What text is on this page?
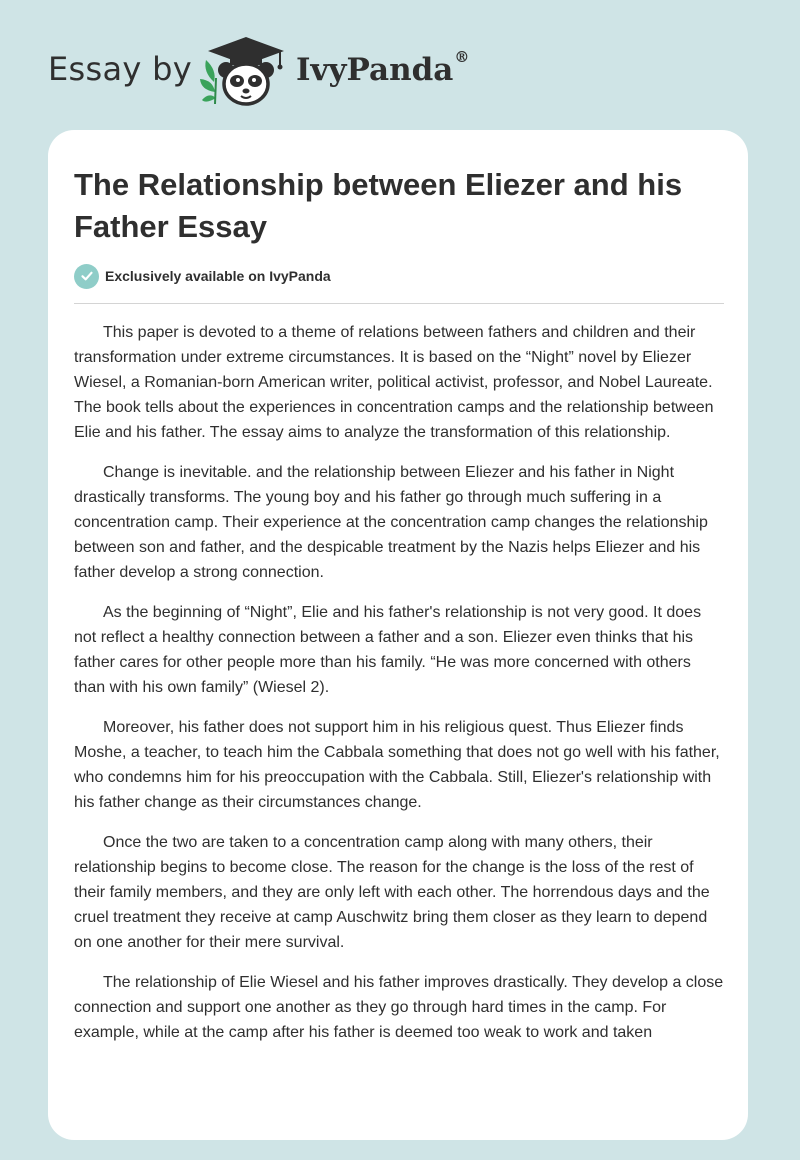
Essay by	IvyPanda®
The Relationship between Eliezer and his Father Essay
Exclusively available on IvyPanda

This paper is devoted to a theme of relations between fathers and children and their transformation under extreme circumstances. It is based on the “Night” novel by Eliezer Wiesel, a Romanian-born American writer, political activist, professor, and Nobel Laureate. The book tells about the experiences in concentration camps and the relationship between Elie and his father. The essay aims to analyze the transformation of this relationship.

Change is inevitable. and the relationship between Eliezer and his father in Night drastically transforms. The young boy and his father go through much suffering in a concentration camp. Their experience at the concentration camp changes the relationship between son and father, and the despicable treatment by the Nazis helps Eliezer and his father develop a strong connection.

As the beginning of “Night”, Elie and his father's relationship is not very good. It does not reflect a healthy connection between a father and a son. Eliezer even thinks that his father cares for other people more than his family. “He was more concerned with others than with his own family” (Wiesel 2).

Moreover, his father does not support him in his religious quest. Thus Eliezer finds Moshe, a teacher, to teach him the Cabbala something that does not go well with his father, who condemns him for his preoccupation with the Cabbala. Still, Eliezer's relationship with his father change as their circumstances change.

Once the two are taken to a concentration camp along with many others, their relationship begins to become close. The reason for the change is the loss of the rest of their family members, and they are only left with each other. The horrendous days and the cruel treatment they receive at camp Auschwitz bring them closer as they learn to depend on one another for their mere survival.

The relationship of Elie Wiesel and his father improves drastically. They develop a close connection and support one another as they go through hard times in the camp. For example, while at the camp after his father is deemed too weak to work and taken
